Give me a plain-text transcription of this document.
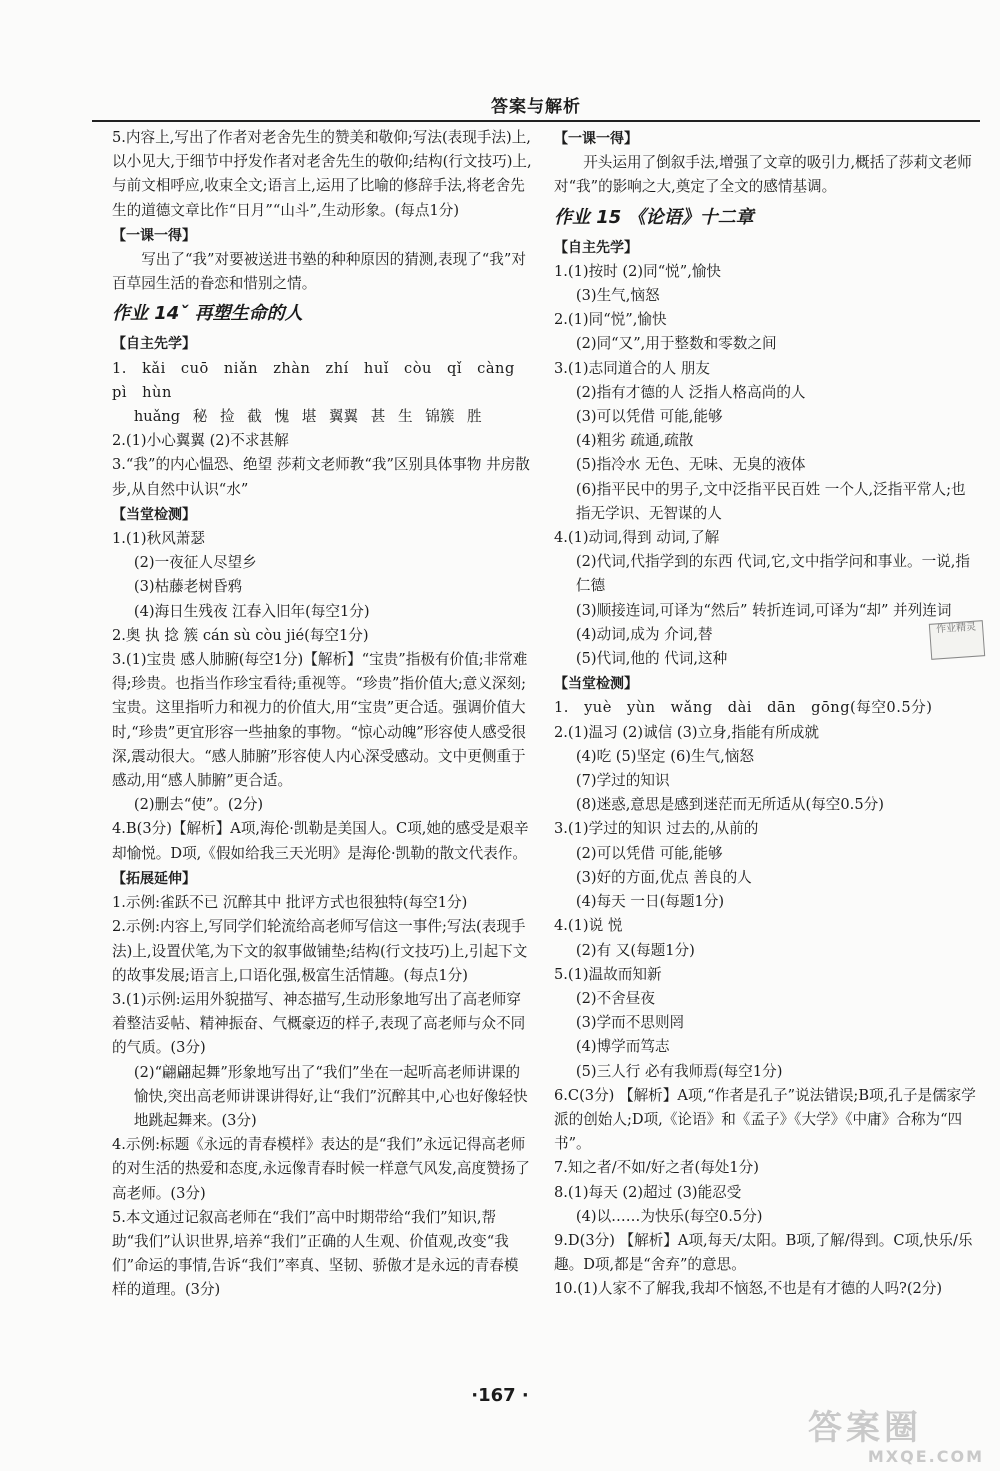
答案与解析

5.内容上,写出了作者对老舍先生的赞美和敬仰;写法(表现手法)上,以小见大,于细节中抒发作者对老舍先生的敬仰;结构(行文技巧)上,与前文相呼应,收束全文;语言上,运用了比喻的修辞手法,将老舍先生的道德文章比作“日月”“山斗”,生动形象。(每点1分)

【一课一得】

写出了“我”对要被送进书塾的种种原因的猜测,表现了“我”对百草园生活的眷恋和惜别之情。

作业 14ˇ 再塑生命的人

【自主先学】

1. kǎi cuō niǎn zhàn zhí huǐ còu qǐ càng pì hùn

huǎng 秘 捡 截 愧 堪 翼翼 甚 生 锦簇 胜

2.(1)小心翼翼 (2)不求甚解

3.“我”的内心愠恐、绝望 莎莉文老师教“我”区别具体事物 井房散步,从自然中认识“水”

【当堂检测】

1.(1)秋风萧瑟

(2)一夜征人尽望乡

(3)枯藤老树昏鸦

(4)海日生残夜 江春入旧年(每空1分)

2.奥 执 捻 簇 cán sù còu jié(每空1分)

3.(1)宝贵 感人肺腑(每空1分)【解析】“宝贵”指极有价值;非常难得;珍贵。也指当作珍宝看待;重视等。“珍贵”指价值大;意义深刻;宝贵。这里指听力和视力的价值大,用“宝贵”更合适。强调价值大时,“珍贵”更宜形容一些抽象的事物。“惊心动魄”形容使人感受很深,震动很大。“感人肺腑”形容使人内心深受感动。文中更侧重于感动,用“感人肺腑”更合适。

(2)删去“使”。(2分)

4.B(3分)【解析】A项,海伦·凯勒是美国人。C项,她的感受是艰辛却愉悦。D项,《假如给我三天光明》是海伦·凯勒的散文代表作。

【拓展延伸】

1.示例:雀跃不已 沉醉其中 批评方式也很独特(每空1分)

2.示例:内容上,写同学们轮流给高老师写信这一事件;写法(表现手法)上,设置伏笔,为下文的叙事做铺垫;结构(行文技巧)上,引起下文的故事发展;语言上,口语化强,极富生活情趣。(每点1分)

3.(1)示例:运用外貌描写、神态描写,生动形象地写出了高老师穿着整洁妥帖、精神振奋、气概豪迈的样子,表现了高老师与众不同的气质。(3分)

(2)“翩翩起舞”形象地写出了“我们”坐在一起听高老师讲课的愉快,突出高老师讲课讲得好,让“我们”沉醉其中,心也好像轻快地跳起舞来。(3分)

4.示例:标题《永远的青春模样》表达的是“我们”永远记得高老师的对生活的热爱和态度,永远像青春时候一样意气风发,高度赞扬了高老师。(3分)

5.本文通过记叙高老师在“我们”高中时期带给“我们”知识,帮助“我们”认识世界,培养“我们”正确的人生观、价值观,改变“我们”命运的事情,告诉“我们”率真、坚韧、骄傲才是永远的青春模样的道理。(3分)

【一课一得】

开头运用了倒叙手法,增强了文章的吸引力,概括了莎莉文老师对“我”的影响之大,奠定了全文的感情基调。

作业 15 《论语》十二章

【自主先学】

1.(1)按时 (2)同“悦”,愉快

(3)生气,恼怒

2.(1)同“悦”,愉快

(2)同“又”,用于整数和零数之间

3.(1)志同道合的人 朋友

(2)指有才德的人 泛指人格高尚的人

(3)可以凭借 可能,能够

(4)粗劣 疏通,疏散

(5)指冷水 无色、无味、无臭的液体

(6)指平民中的男子,文中泛指平民百姓 一个人,泛指平常人;也指无学识、无智谋的人

4.(1)动词,得到 动词,了解

(2)代词,代指学到的东西 代词,它,文中指学问和事业。一说,指仁德

(3)顺接连词,可译为“然后” 转折连词,可译为“却” 并列连词

(4)动词,成为 介词,替

(5)代词,他的 代词,这种

【当堂检测】

1. yuè yùn wǎng dài dān gōng(每空0.5分)

2.(1)温习 (2)诚信 (3)立身,指能有所成就

(4)吃 (5)坚定 (6)生气,恼怒

(7)学过的知识

(8)迷惑,意思是感到迷茫而无所适从(每空0.5分)

3.(1)学过的知识 过去的,从前的

(2)可以凭借 可能,能够

(3)好的方面,优点 善良的人

(4)每天 一日(每题1分)

4.(1)说 悦

(2)有 又(每题1分)

5.(1)温故而知新

(2)不舍昼夜

(3)学而不思则罔

(4)博学而笃志

(5)三人行 必有我师焉(每空1分)

6.C(3分) 【解析】A项,“作者是孔子”说法错误;B项,孔子是儒家学派的创始人;D项,《论语》和《孟子》《大学》《中庸》合称为“四书”。

7.知之者/不如/好之者(每处1分)

8.(1)每天 (2)超过 (3)能忍受

(4)以……为快乐(每空0.5分)

9.D(3分) 【解析】A项,每天/太阳。B项,了解/得到。C项,快乐/乐趣。D项,都是“舍弃”的意思。

10.(1)人家不了解我,我却不恼怒,不也是有才德的人吗?(2分)

作业精灵
·167 ·
答案圈
MXQE.COM
